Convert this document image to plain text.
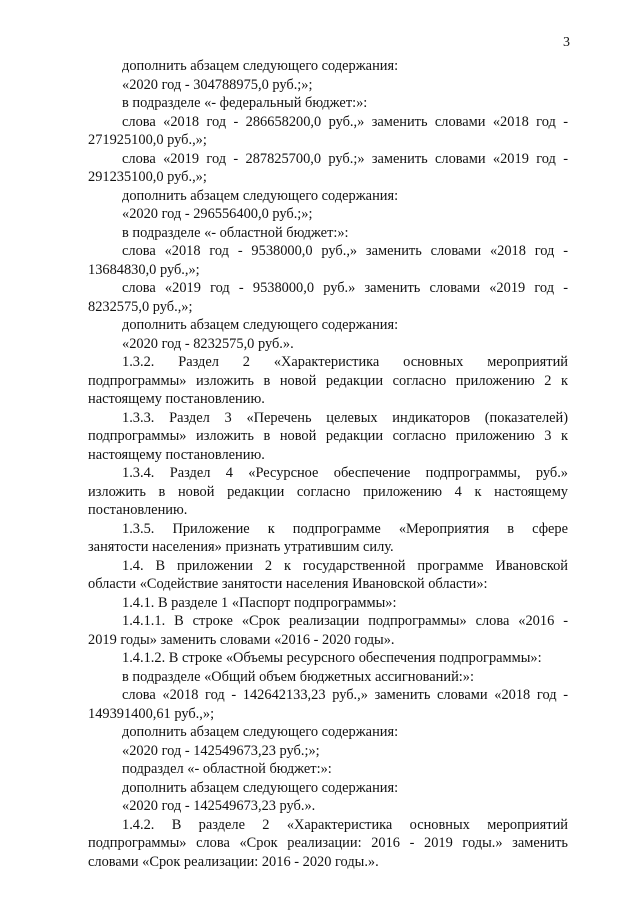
3
дополнить абзацем следующего содержания:
«2020 год - 304788975,0 руб.;»;
в подразделе «- федеральный бюджет:»:
слова «2018 год - 286658200,0 руб.,» заменить словами «2018 год -
271925100,0 руб.,»;
слова «2019 год - 287825700,0 руб.;» заменить словами «2019 год -
291235100,0 руб.,»;
дополнить абзацем следующего содержания:
«2020 год - 296556400,0 руб.;»;
в подразделе «- областной бюджет:»:
слова «2018 год - 9538000,0 руб.,» заменить словами «2018 год -
13684830,0 руб.,»;
слова «2019 год - 9538000,0 руб.» заменить словами «2019 год -
8232575,0 руб.,»;
дополнить абзацем следующего содержания:
«2020 год - 8232575,0 руб.».
1.3.2. Раздел 2 «Характеристика основных мероприятий
подпрограммы» изложить в новой редакции согласно приложению 2 к
настоящему постановлению.
1.3.3. Раздел 3 «Перечень целевых индикаторов (показателей)
подпрограммы» изложить в новой редакции согласно приложению 3 к
настоящему постановлению.
1.3.4. Раздел 4 «Ресурсное обеспечение подпрограммы, руб.»
изложить в новой редакции согласно приложению 4 к настоящему
постановлению.
1.3.5. Приложение к подпрограмме «Мероприятия в сфере
занятости населения» признать утратившим силу.
1.4. В приложении 2 к государственной программе Ивановской
области «Содействие занятости населения Ивановской области»:
1.4.1. В разделе 1 «Паспорт подпрограммы»:
1.4.1.1. В строке «Срок реализации подпрограммы» слова «2016 -
2019 годы» заменить словами «2016 - 2020 годы».
1.4.1.2. В строке «Объемы ресурсного обеспечения подпрограммы»:
в подразделе «Общий объем бюджетных ассигнований:»:
слова «2018 год - 142642133,23 руб.,» заменить словами «2018 год -
149391400,61 руб.,»;
дополнить абзацем следующего содержания:
«2020 год - 142549673,23 руб.;»;
подраздел «- областной бюджет:»:
дополнить абзацем следующего содержания:
«2020 год - 142549673,23 руб.».
1.4.2. В разделе 2 «Характеристика основных мероприятий
подпрограммы» слова «Срок реализации: 2016 - 2019 годы.» заменить
словами «Срок реализации: 2016 - 2020 годы.».
